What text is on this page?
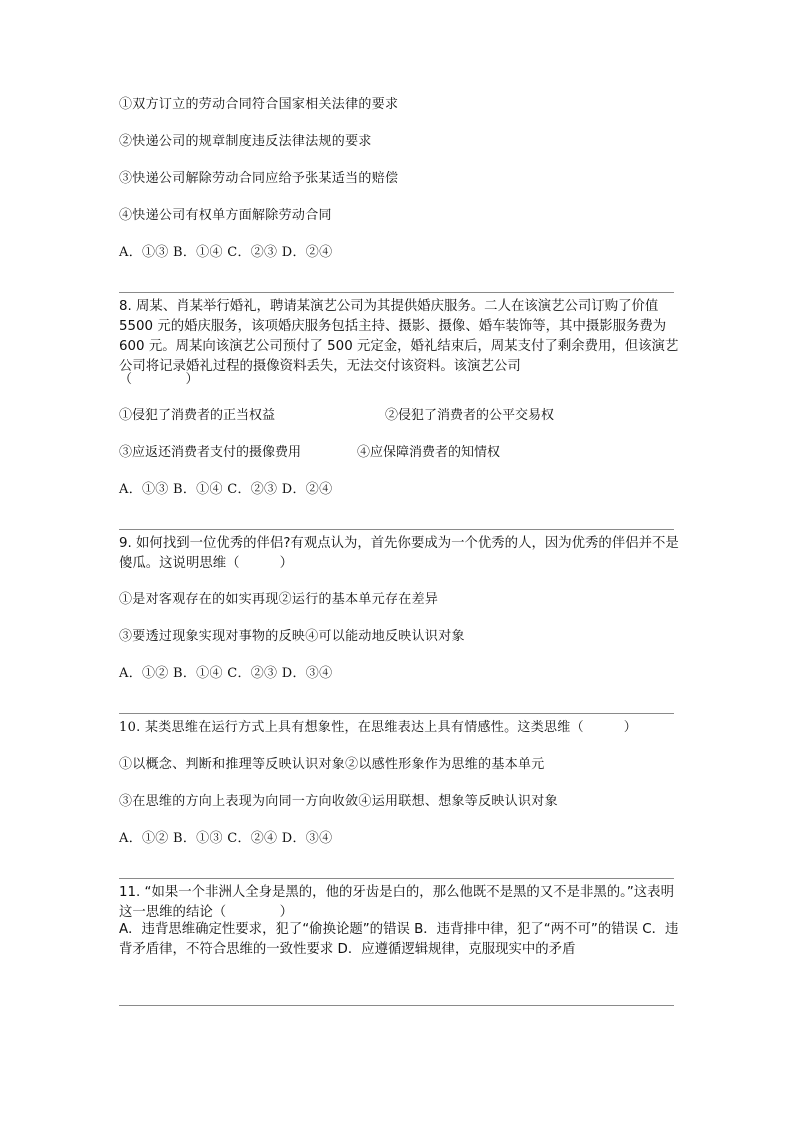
①双方订立的劳动合同符合国家相关法律的要求
②快递公司的规章制度违反法律法规的要求
③快递公司解除劳动合同应给予张某适当的赔偿
④快递公司有权单方面解除劳动合同
A．①③ B．①④ C．②③ D．②④
8. 周某、肖某举行婚礼，聘请某演艺公司为其提供婚庆服务。二人在该演艺公司订购了价值 5500 元的婚庆服务，该项婚庆服务包括主持、摄影、摄像、婚车装饰等，其中摄影服务费为 600 元。周某向该演艺公司预付了 500 元定金，婚礼结束后，周某支付了剩余费用，但该演艺公司将记录婚礼过程的摄像资料丢失，无法交付该资料。该演艺公司
（　　　　）
①侵犯了消费者的正当权益	②侵犯了消费者的公平交易权
③应返还消费者支付的摄像费用	④应保障消费者的知情权
A．①③ B．①④ C．②③ D．②④
9. 如何找到一位优秀的伴侣?有观点认为，首先你要成为一个优秀的人，因为优秀的伴侣并不是傻瓜。这说明思维（　　　）
①是对客观存在的如实再现②运行的基本单元存在差异
③要透过现象实现对事物的反映④可以能动地反映认识对象
A．①② B．①④ C．②③ D．③④
10. 某类思维在运行方式上具有想象性，在思维表达上具有情感性。这类思维（　　　）
①以概念、判断和推理等反映认识对象②以感性形象作为思维的基本单元
③在思维的方向上表现为向同一方向收敛④运用联想、想象等反映认识对象
A．①② B．①③ C．②④ D．③④
11. “如果一个非洲人全身是黑的，他的牙齿是白的，那么他既不是黑的又不是非黑的。”这表明这一思维的结论（　　　　）
A．违背思维确定性要求，犯了“偷换论题”的错误 B．违背排中律，犯了“两不可”的错误 C．违背矛盾律，不符合思维的一致性要求 D．应遵循逻辑规律，克服现实中的矛盾
